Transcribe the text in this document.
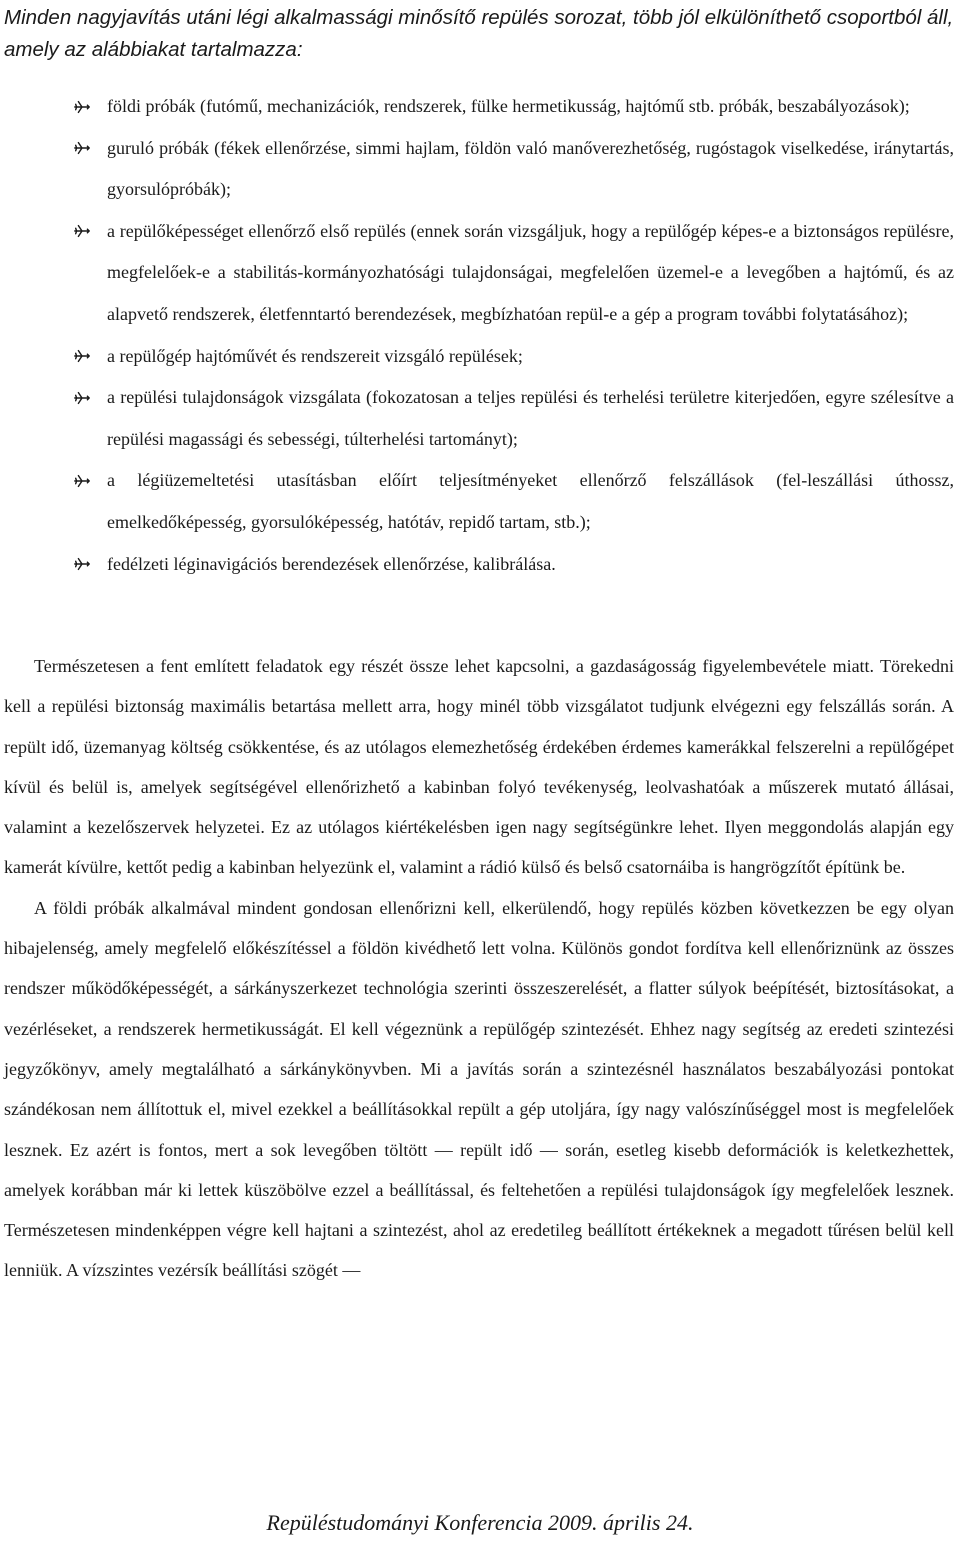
Minden nagyjavítás utáni légi alkalmassági minősítő repülés sorozat, több jól elkülöníthető csoportból áll, amely az alábbiakat tartalmazza:

földi próbák (futómű, mechanizációk, rendszerek, fülke hermetikusság, hajtómű stb. próbák, beszabályozások);
guruló próbák (fékek ellenőrzése, simmi hajlam, földön való manőverezhetőség, rugóstagok viselkedése, iránytartás, gyorsulópróbák);
a repülőképességet ellenőrző első repülés (ennek során vizsgáljuk, hogy a repülőgép képes-e a biztonságos repülésre, megfelelőek-e a stabilitás-kormányozhatósági tulajdonságai, megfelelően üzemel-e a levegőben a hajtómű, és az alapvető rendszerek, életfenntartó berendezések, megbízhatóan repül-e a gép a program további folytatásához);
a repülőgép hajtóművét és rendszereit vizsgáló repülések;
a repülési tulajdonságok vizsgálata (fokozatosan a teljes repülési és terhelési területre kiterjedően, egyre szélesítve a repülési magassági és sebességi, túlterhelési tartományt);
a légiüzemeltetési utasításban előírt teljesítményeket ellenőrző felszállások (fel-leszállási úthossz, emelkedőképesség, gyorsulóképesség, hatótáv, repidő tartam, stb.);
fedélzeti léginavigációs berendezések ellenőrzése, kalibrálása.

Természetesen a fent említett feladatok egy részét össze lehet kapcsolni, a gazdaságosság figyelembevétele miatt. Törekedni kell a repülési biztonság maximális betartása mellett arra, hogy minél több vizsgálatot tudjunk elvégezni egy felszállás során. A repült idő, üzemanyag költség csökkentése, és az utólagos elemezhetőség érdekében érdemes kamerákkal felszerelni a repülőgépet kívül és belül is, amelyek segítségével ellenőrizhető a kabinban folyó tevékenység, leolvashatóak a műszerek mutató állásai, valamint a kezelőszervek helyzetei. Ez az utólagos kiértékelésben igen nagy segítségünkre lehet. Ilyen meggondolás alapján egy kamerát kívülre, kettőt pedig a kabinban helyezünk el, valamint a rádió külső és belső csatornáiba is hangrögzítőt építünk be.

A földi próbák alkalmával mindent gondosan ellenőrizni kell, elkerülendő, hogy repülés közben következzen be egy olyan hibajelenség, amely megfelelő előkészítéssel a földön kivédhető lett volna. Különös gondot fordítva kell ellenőriznünk az összes rendszer működőképességét, a sárkányszerkezet technológia szerinti összeszerelését, a flatter súlyok beépítését, biztosításokat, a vezérléseket, a rendszerek hermetikusságát. El kell végeznünk a repülőgép szintezését. Ehhez nagy segítség az eredeti szintezési jegyzőkönyv, amely megtalálható a sárkánykönyvben. Mi a javítás során a szintezésnél használatos beszabályozási pontokat szándékosan nem állítottuk el, mivel ezekkel a beállításokkal repült a gép utoljára, így nagy valószínűséggel most is megfelelőek lesznek. Ez azért is fontos, mert a sok levegőben töltött — repült idő — során, esetleg kisebb deformációk is keletkezhettek, amelyek korábban már ki lettek küszöbölve ezzel a beállítással, és feltehetően a repülési tulajdonságok így megfelelőek lesznek. Természetesen mindenképpen végre kell hajtani a szintezést, ahol az eredetileg beállított értékeknek a megadott tűrésen belül kell lenniük. A vízszintes vezérsík beállítási szögét —

Repüléstudományi Konferencia 2009. április 24.
